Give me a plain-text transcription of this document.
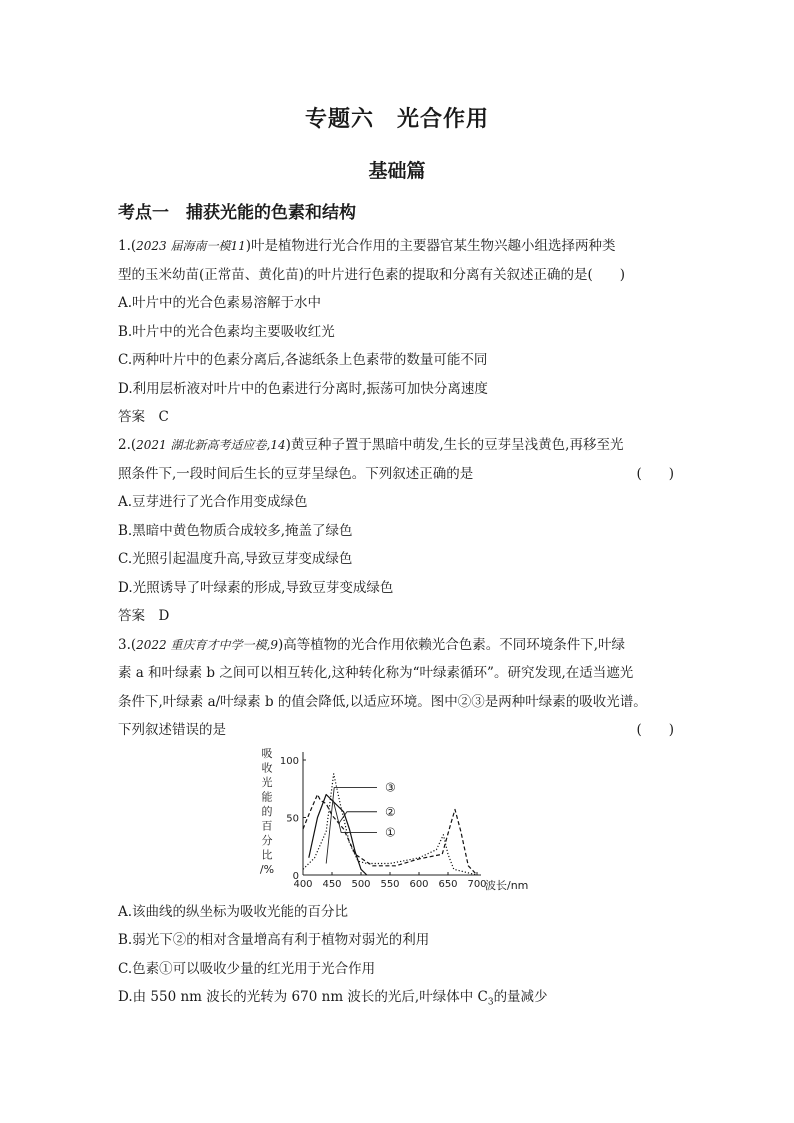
专题六　光合作用
基础篇
考点一　捕获光能的色素和结构
1.(2023 届海南一模11)叶是植物进行光合作用的主要器官某生物兴趣小组选择两种类
型的玉米幼苗(正常苗、黄化苗)的叶片进行色素的提取和分离有关叙述正确的是(　　)
A.叶片中的光合色素易溶解于水中
B.叶片中的光合色素均主要吸收红光
C.两种叶片中的色素分离后,各滤纸条上色素带的数量可能不同
D.利用层析液对叶片中的色素进行分离时,振荡可加快分离速度
答案　C
2.(2021 湖北新高考适应卷,14)黄豆种子置于黑暗中萌发,生长的豆芽呈浅黄色,再移至光
照条件下,一段时间后生长的豆芽呈绿色。下列叙述正确的是	(　　)
A.豆芽进行了光合作用变成绿色
B.黑暗中黄色物质合成较多,掩盖了绿色
C.光照引起温度升高,导致豆芽变成绿色
D.光照诱导了叶绿素的形成,导致豆芽变成绿色
答案　D
3.(2022 重庆育才中学一模,9)高等植物的光合作用依赖光合色素。不同环境条件下,叶绿
素 a 和叶绿素 b 之间可以相互转化,这种转化称为“叶绿素循环”。研究发现,在适当遮光
条件下,叶绿素 a/叶绿素 b 的值会降低,以适应环境。图中②③是两种叶绿素的吸收光谱。
下列叙述错误的是	(　　)
吸
收
光
能
的
百
分
比
/%
0
50
100
400 450 500 550 600 650 700
波长/nm
①
②
③
A.该曲线的纵坐标为吸收光能的百分比
B.弱光下②的相对含量增高有利于植物对弱光的利用
C.色素①可以吸收少量的红光用于光合作用
D.由 550 nm 波长的光转为 670 nm 波长的光后,叶绿体中 $C_3$的量减少
